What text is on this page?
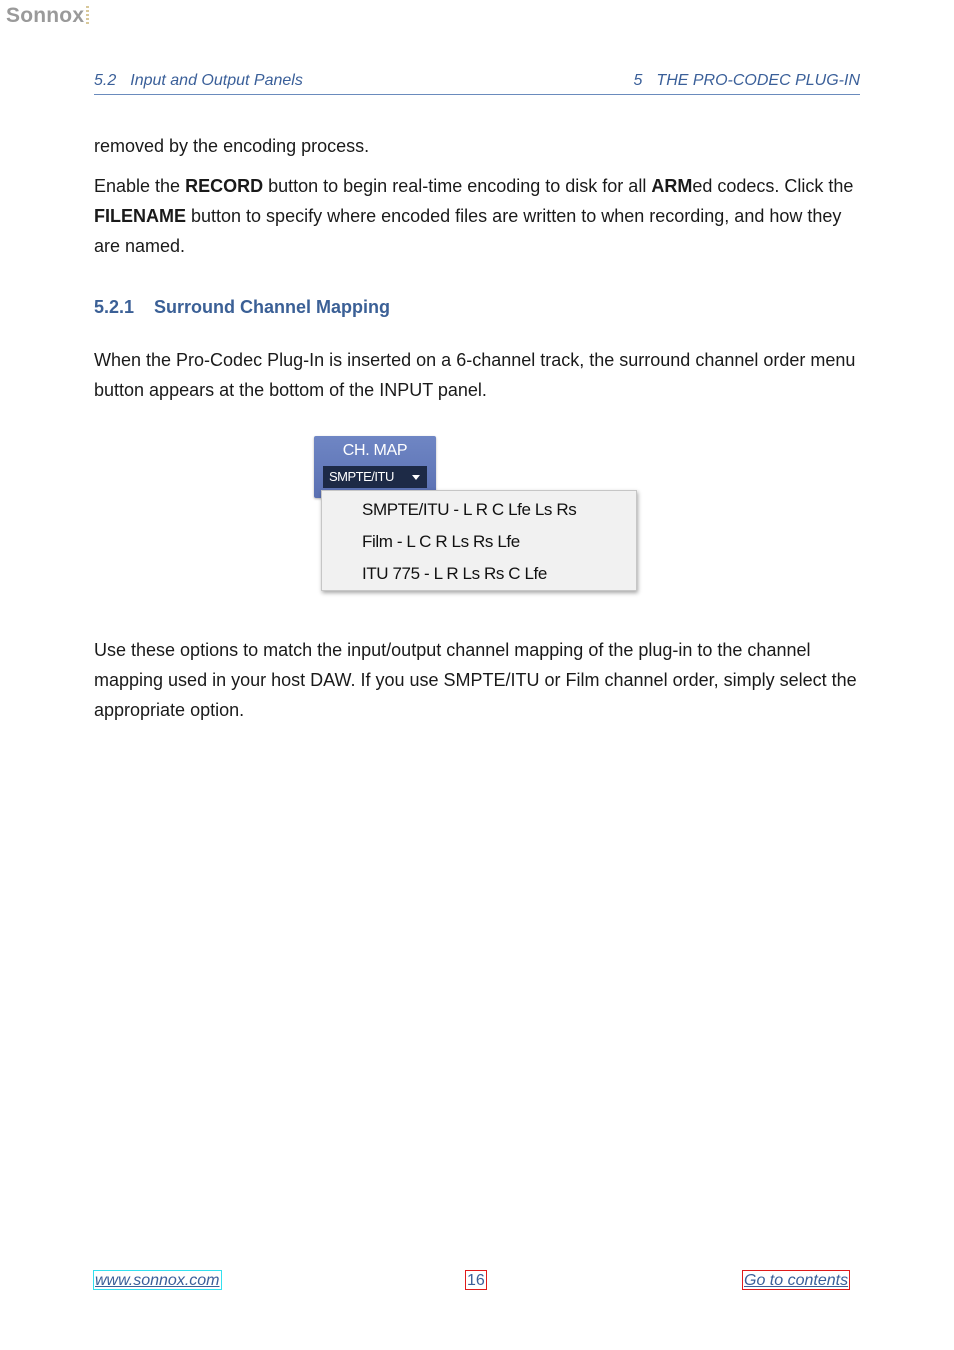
Sonnox
5.2 Input and Output Panels	5 THE PRO-CODEC PLUG-IN

removed by the encoding process.

Enable the RECORD button to begin real-time encoding to disk for all ARMed codecs. Click the FILENAME button to specify where encoded files are written to when recording, and how they are named.

5.2.1 Surround Channel Mapping

When the Pro-Codec Plug-In is inserted on a 6-channel track, the surround channel order menu button appears at the bottom of the INPUT panel.

CH. MAP
SMPTE/ITU
SMPTE/ITU - L R C Lfe Ls Rs
Film - L C R Ls Rs Lfe
ITU 775 - L R Ls Rs C Lfe

Use these options to match the input/output channel mapping of the plug-in to the channel mapping used in your host DAW. If you use SMPTE/ITU or Film channel order, simply select the appropriate option.

www.sonnox.com	16	Go to contents
